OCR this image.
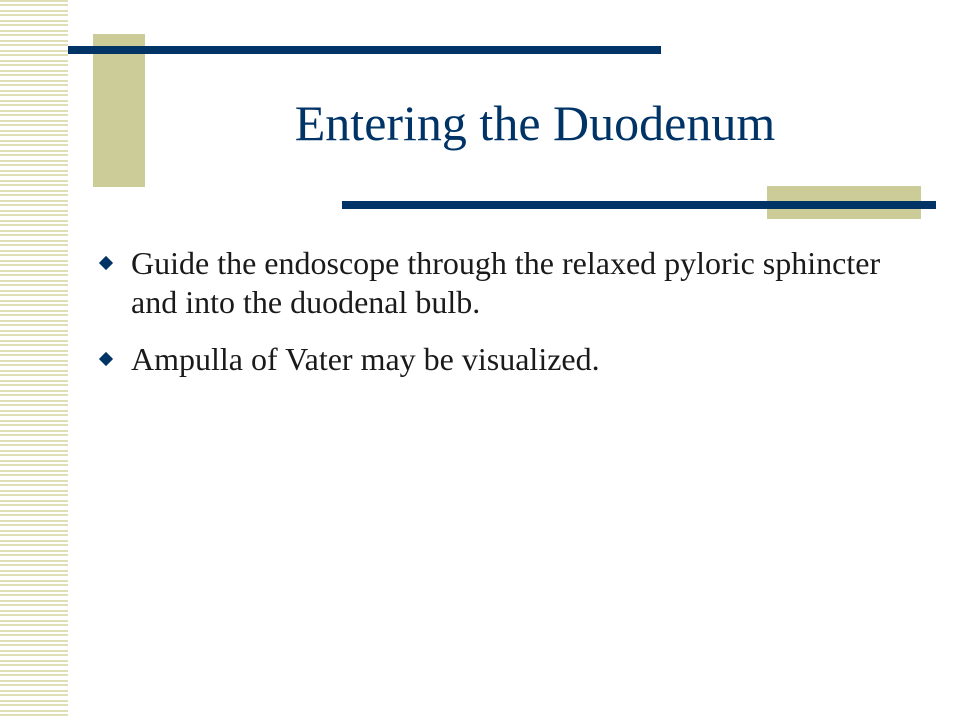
Entering the Duodenum
Guide the endoscope through the relaxed pyloric sphincter and into the duodenal bulb.
Ampulla of Vater may be visualized.
